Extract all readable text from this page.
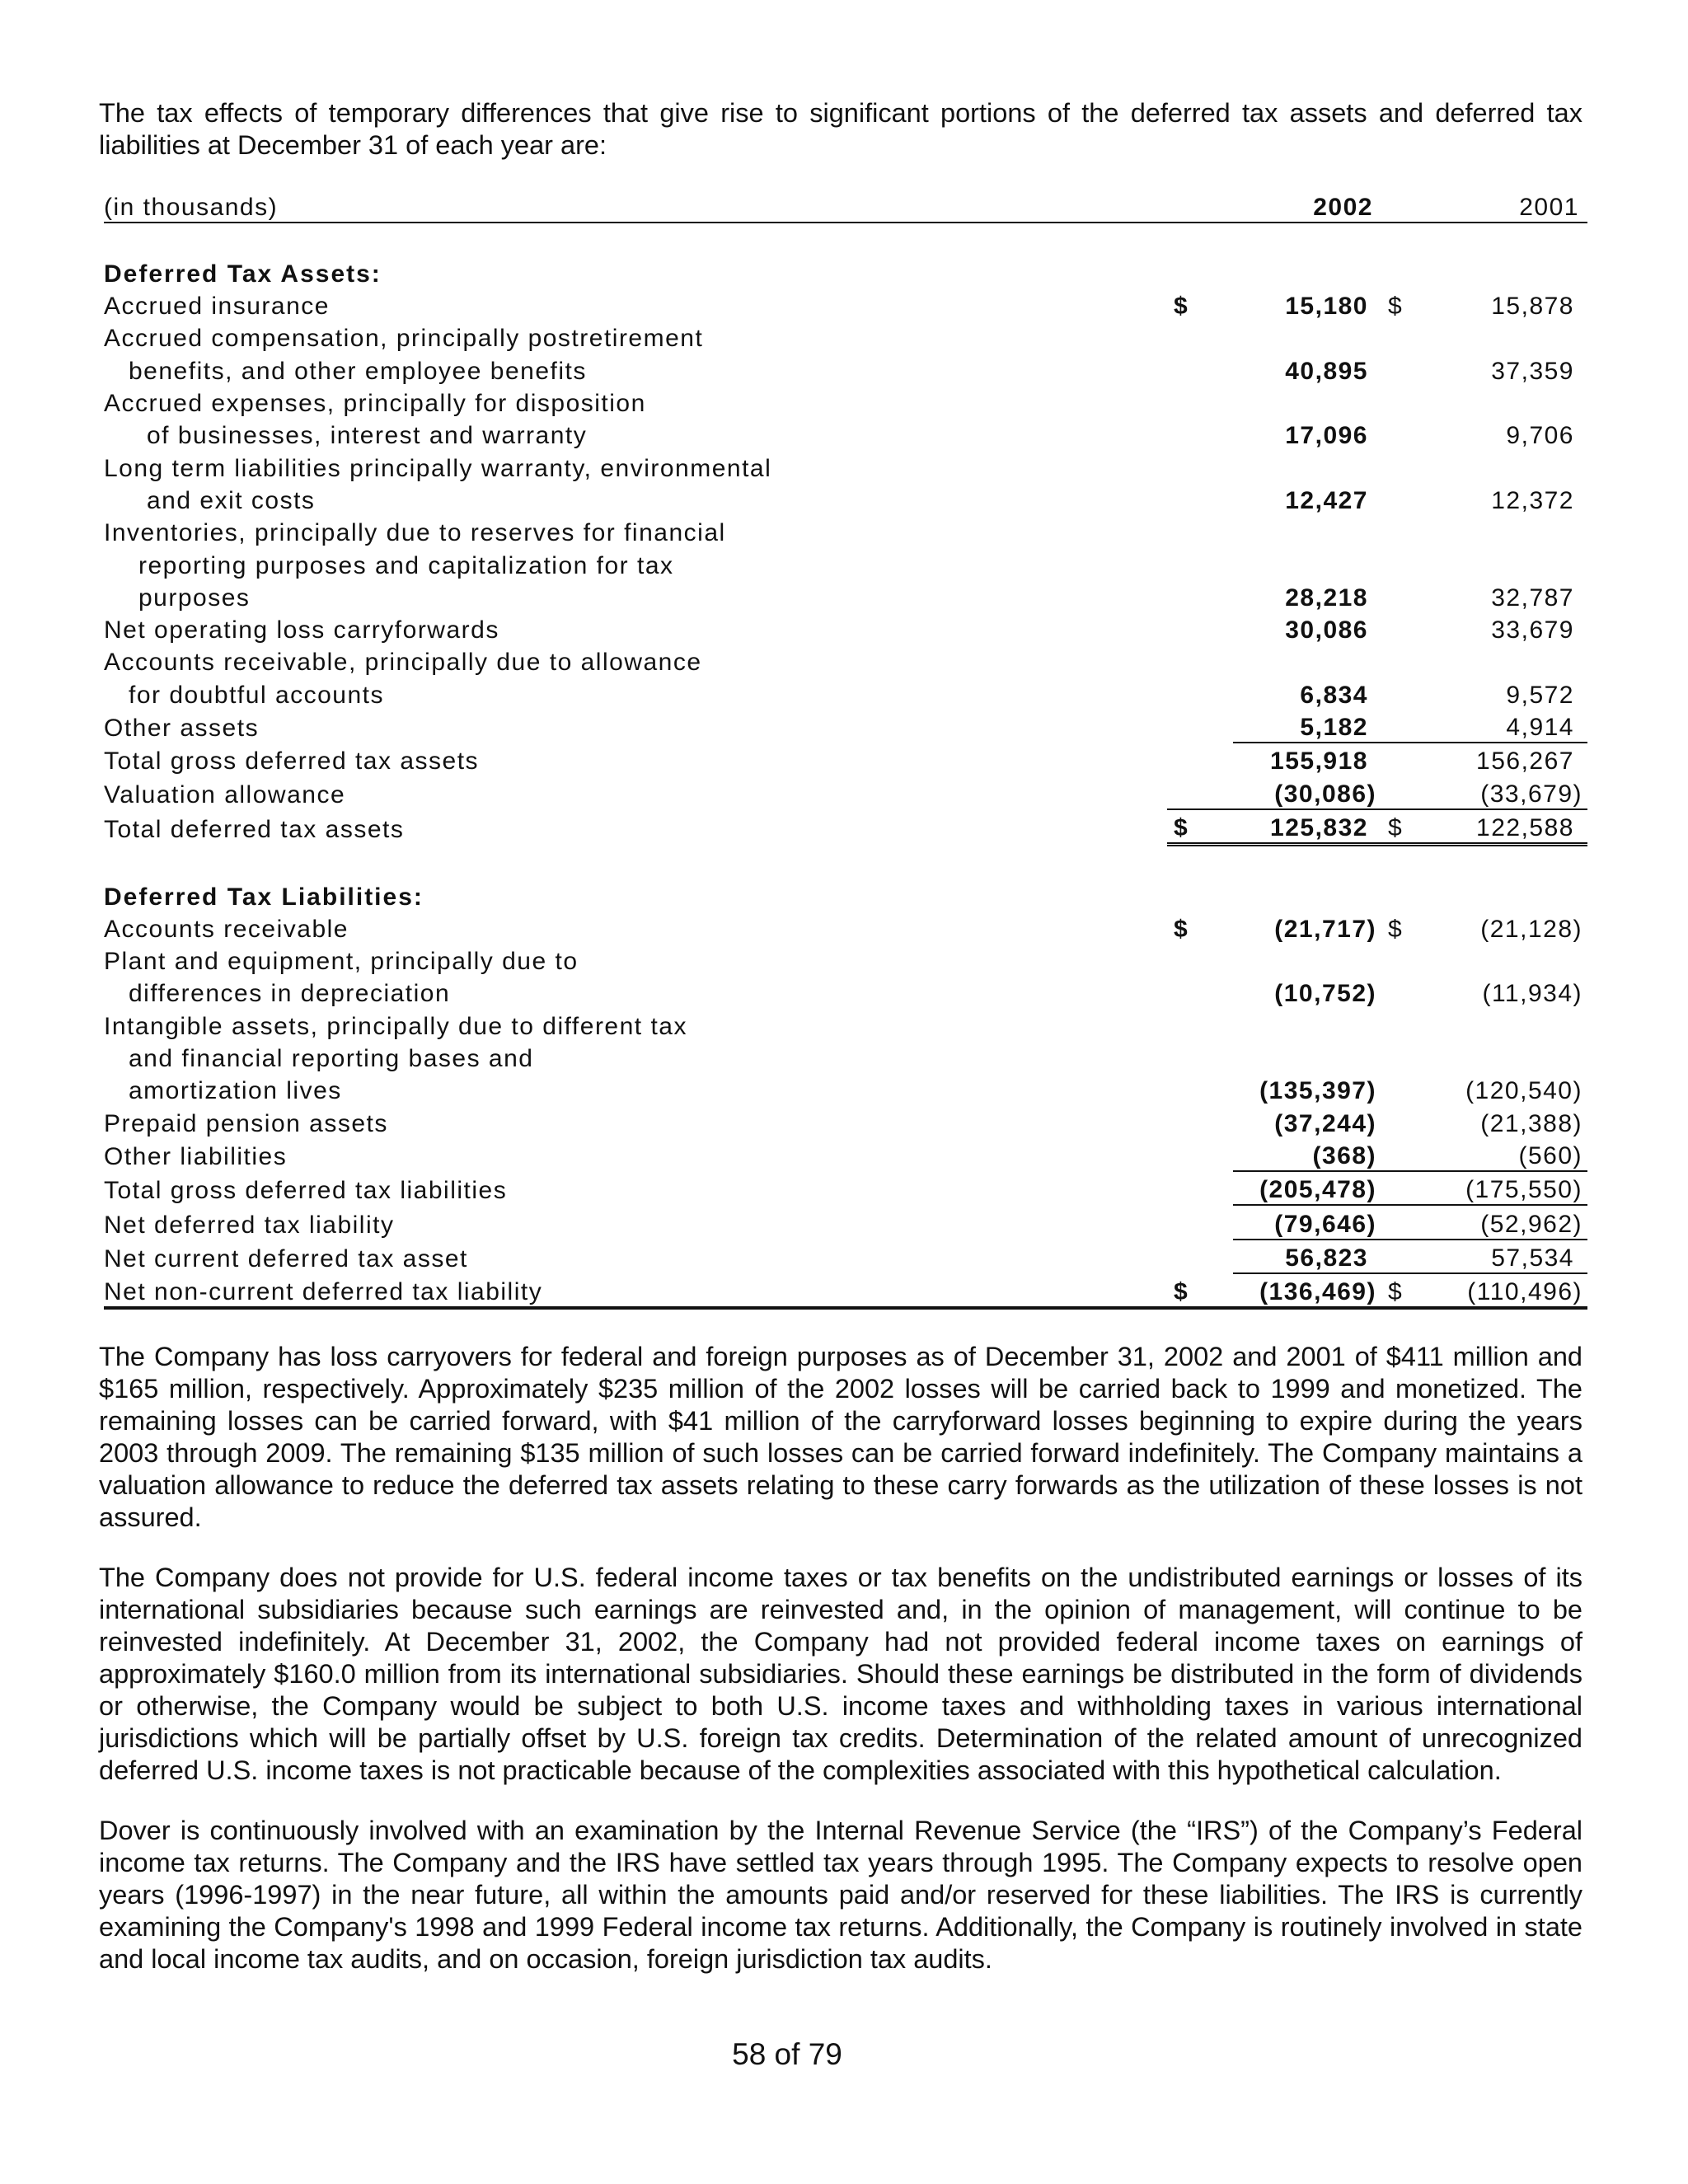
The tax effects of temporary differences that give rise to significant portions of the deferred tax assets and deferred tax liabilities at December 31 of each year are:

(in thousands)		2002		2001

Deferred Tax Assets:				
Accrued insurance	$	15,180	$	15,878
Accrued compensation, principally postretirement				
benefits, and other employee benefits		40,895		37,359
Accrued expenses, principally for disposition				
of businesses, interest and warranty		17,096		9,706
Long term liabilities principally warranty, environmental				
and exit costs		12,427		12,372
Inventories, principally due to reserves for financial				
reporting purposes and capitalization for tax				
purposes		28,218		32,787
Net operating loss carryforwards		30,086		33,679
Accounts receivable, principally due to allowance				
for doubtful accounts		6,834		9,572
Other assets		5,182		4,914
Total gross deferred tax assets		155,918		156,267
Valuation allowance		(30,086)		(33,679)
Total deferred tax assets	$	125,832	$	122,588

Deferred Tax Liabilities:				
Accounts receivable	$	(21,717)	$	(21,128)
Plant and equipment, principally due to				
differences in depreciation		(10,752)		(11,934)
Intangible assets, principally due to different tax				
and financial reporting bases and				
amortization lives		(135,397)		(120,540)
Prepaid pension assets		(37,244)		(21,388)
Other liabilities		(368)		(560)
Total gross deferred tax liabilities		(205,478)		(175,550)
Net deferred tax liability		(79,646)		(52,962)
Net current deferred tax asset		56,823		57,534
Net non-current deferred tax liability	$	(136,469)	$	(110,496)

The Company has loss carryovers for federal and foreign purposes as of December 31, 2002 and 2001 of $411 million and $165 million, respectively. Approximately $235 million of the 2002 losses will be carried back to 1999 and monetized. The remaining losses can be carried forward, with $41 million of the carryforward losses beginning to expire during the years 2003 through 2009. The remaining $135 million of such losses can be carried forward indefinitely. The Company maintains a valuation allowance to reduce the deferred tax assets relating to these carry forwards as the utilization of these losses is not assured.

The Company does not provide for U.S. federal income taxes or tax benefits on the undistributed earnings or losses of its international subsidiaries because such earnings are reinvested and, in the opinion of management, will continue to be reinvested indefinitely. At December 31, 2002, the Company had not provided federal income taxes on earnings of approximately $160.0 million from its international subsidiaries. Should these earnings be distributed in the form of dividends or otherwise, the Company would be subject to both U.S. income taxes and withholding taxes in various international jurisdictions which will be partially offset by U.S. foreign tax credits. Determination of the related amount of unrecognized deferred U.S. income taxes is not practicable because of the complexities associated with this hypothetical calculation.

Dover is continuously involved with an examination by the Internal Revenue Service (the “IRS”) of the Company’s Federal income tax returns. The Company and the IRS have settled tax years through 1995. The Company expects to resolve open years (1996-1997) in the near future, all within the amounts paid and/or reserved for these liabilities. The IRS is currently examining the Company's 1998 and 1999 Federal income tax returns. Additionally, the Company is routinely involved in state and local income tax audits, and on occasion, foreign jurisdiction tax audits.

58 of 79
